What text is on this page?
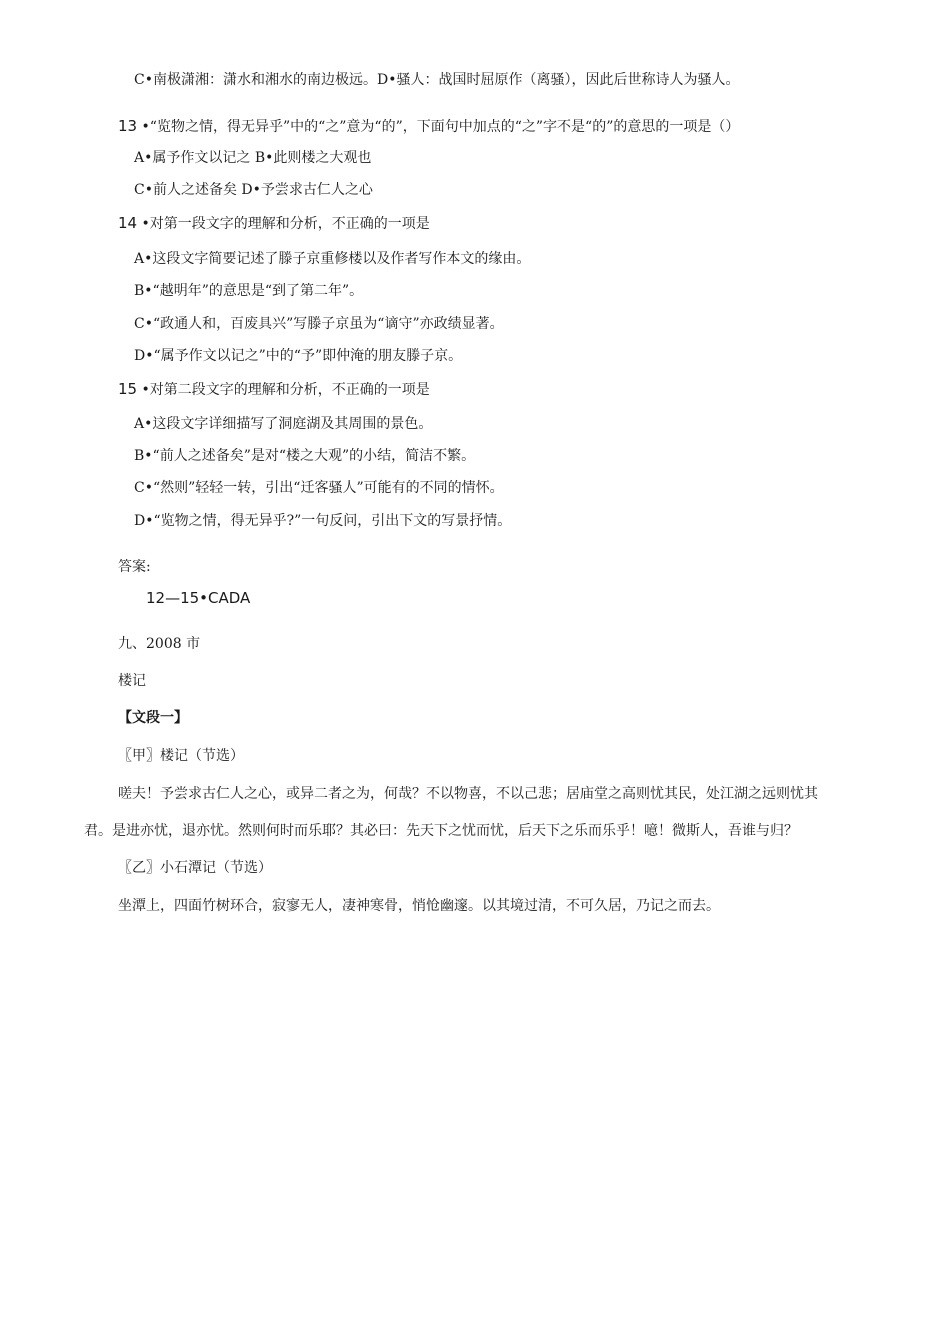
C•南极潇湘：潇水和湘水的南边极远。D•骚人：战国时屈原作（离骚），因此后世称诗人为骚人。
13 •“览物之情，得无异乎”中的“之”意为“的”，下面句中加点的“之”字不是“的”的意思的一项是（）
A•属予作文以记之 B•此则楼之大观也
C•前人之述备矣 D•予尝求古仁人之心
14 •对第一段文字的理解和分析，不正确的一项是
A•这段文字简要记述了滕子京重修楼以及作者写作本文的缘由。
B•“越明年”的意思是“到了第二年”。
C•“政通人和，百废具兴”写滕子京虽为“谪守”亦政绩显著。
D•“属予作文以记之”中的“予”即仲淹的朋友滕子京。
15 •对第二段文字的理解和分析，不正确的一项是
A•这段文字详细描写了洞庭湖及其周围的景色。
B•“前人之述备矣”是对“楼之大观”的小结，简洁不繁。
C•“然则”轻轻一转，引出“迁客骚人”可能有的不同的情怀。
D•“览物之情，得无异乎?”一句反问，引出下文的写景抒情。
答案:
12—15•CADA
九、2008 市
楼记
【文段一】
〖甲〗楼记（节选）
嗟夫！予尝求古仁人之心，或异二者之为，何哉？不以物喜，不以己悲；居庙堂之高则忧其民，处江湖之远则忧其
君。是进亦忧，退亦忧。然则何时而乐耶？其必曰：先天下之忧而忧，后天下之乐而乐乎！噫！微斯人，吾谁与归？
〖乙〗小石潭记（节选）
坐潭上，四面竹树环合，寂寥无人，凄神寒骨，悄怆幽邃。以其境过清，不可久居，乃记之而去。
